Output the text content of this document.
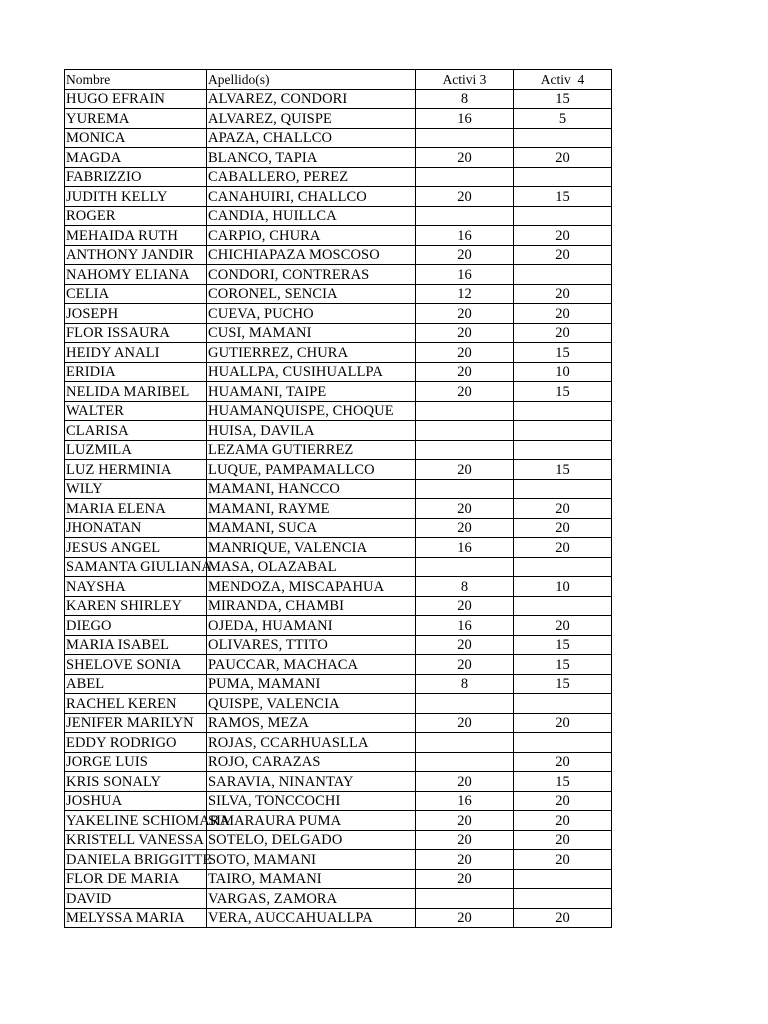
Nombre	Apellido(s)	Activi 3	Activ  4
HUGO EFRAIN	ALVAREZ, CONDORI	8	15
YUREMA	ALVAREZ, QUISPE	16	5
MONICA	APAZA, CHALLCO		
MAGDA	BLANCO, TAPIA	20	20
FABRIZZIO	CABALLERO, PEREZ		
JUDITH KELLY	CANAHUIRI, CHALLCO	20	15
ROGER	CANDIA, HUILLCA		
MEHAIDA RUTH	CARPIO, CHURA	16	20
ANTHONY JANDIR	CHICHIAPAZA MOSCOSO	20	20
NAHOMY ELIANA	CONDORI, CONTRERAS	16	
CELIA	CORONEL, SENCIA	12	20
JOSEPH	CUEVA, PUCHO	20	20
FLOR ISSAURA	CUSI, MAMANI	20	20
HEIDY ANALI	GUTIERREZ, CHURA	20	15
ERIDIA	HUALLPA, CUSIHUALLPA	20	10
NELIDA MARIBEL	HUAMANI, TAIPE	20	15
WALTER	HUAMANQUISPE, CHOQUE		
CLARISA	HUISA, DAVILA		
LUZMILA	LEZAMA GUTIERREZ		
LUZ HERMINIA	LUQUE, PAMPAMALLCO	20	15
WILY	MAMANI, HANCCO		
MARIA ELENA	MAMANI, RAYME	20	20
JHONATAN	MAMANI, SUCA	20	20
JESUS ANGEL	MANRIQUE, VALENCIA	16	20
SAMANTA GIULIANA	MASA, OLAZABAL		
NAYSHA	MENDOZA, MISCAPAHUA	8	10
KAREN SHIRLEY	MIRANDA, CHAMBI	20	
DIEGO	OJEDA, HUAMANI	16	20
MARIA ISABEL	OLIVARES, TTITO	20	15
SHELOVE SONIA	PAUCCAR, MACHACA	20	15
ABEL	PUMA, MAMANI	8	15
RACHEL KEREN	QUISPE, VALENCIA		
JENIFER MARILYN	RAMOS, MEZA	20	20
EDDY RODRIGO	ROJAS, CCARHUASLLA		
JORGE LUIS	ROJO, CARAZAS		20
KRIS SONALY	SARAVIA, NINANTAY	20	15
JOSHUA	SILVA, TONCCOCHI	16	20
YAKELINE SCHIOMARA	SIMARAURA PUMA	20	20
KRISTELL VANESSA	SOTELO, DELGADO	20	20
DANIELA BRIGGITTE	SOTO, MAMANI	20	20
FLOR DE MARIA	TAIRO, MAMANI	20	
DAVID	VARGAS, ZAMORA		
MELYSSA MARIA	VERA, AUCCAHUALLPA	20	20
